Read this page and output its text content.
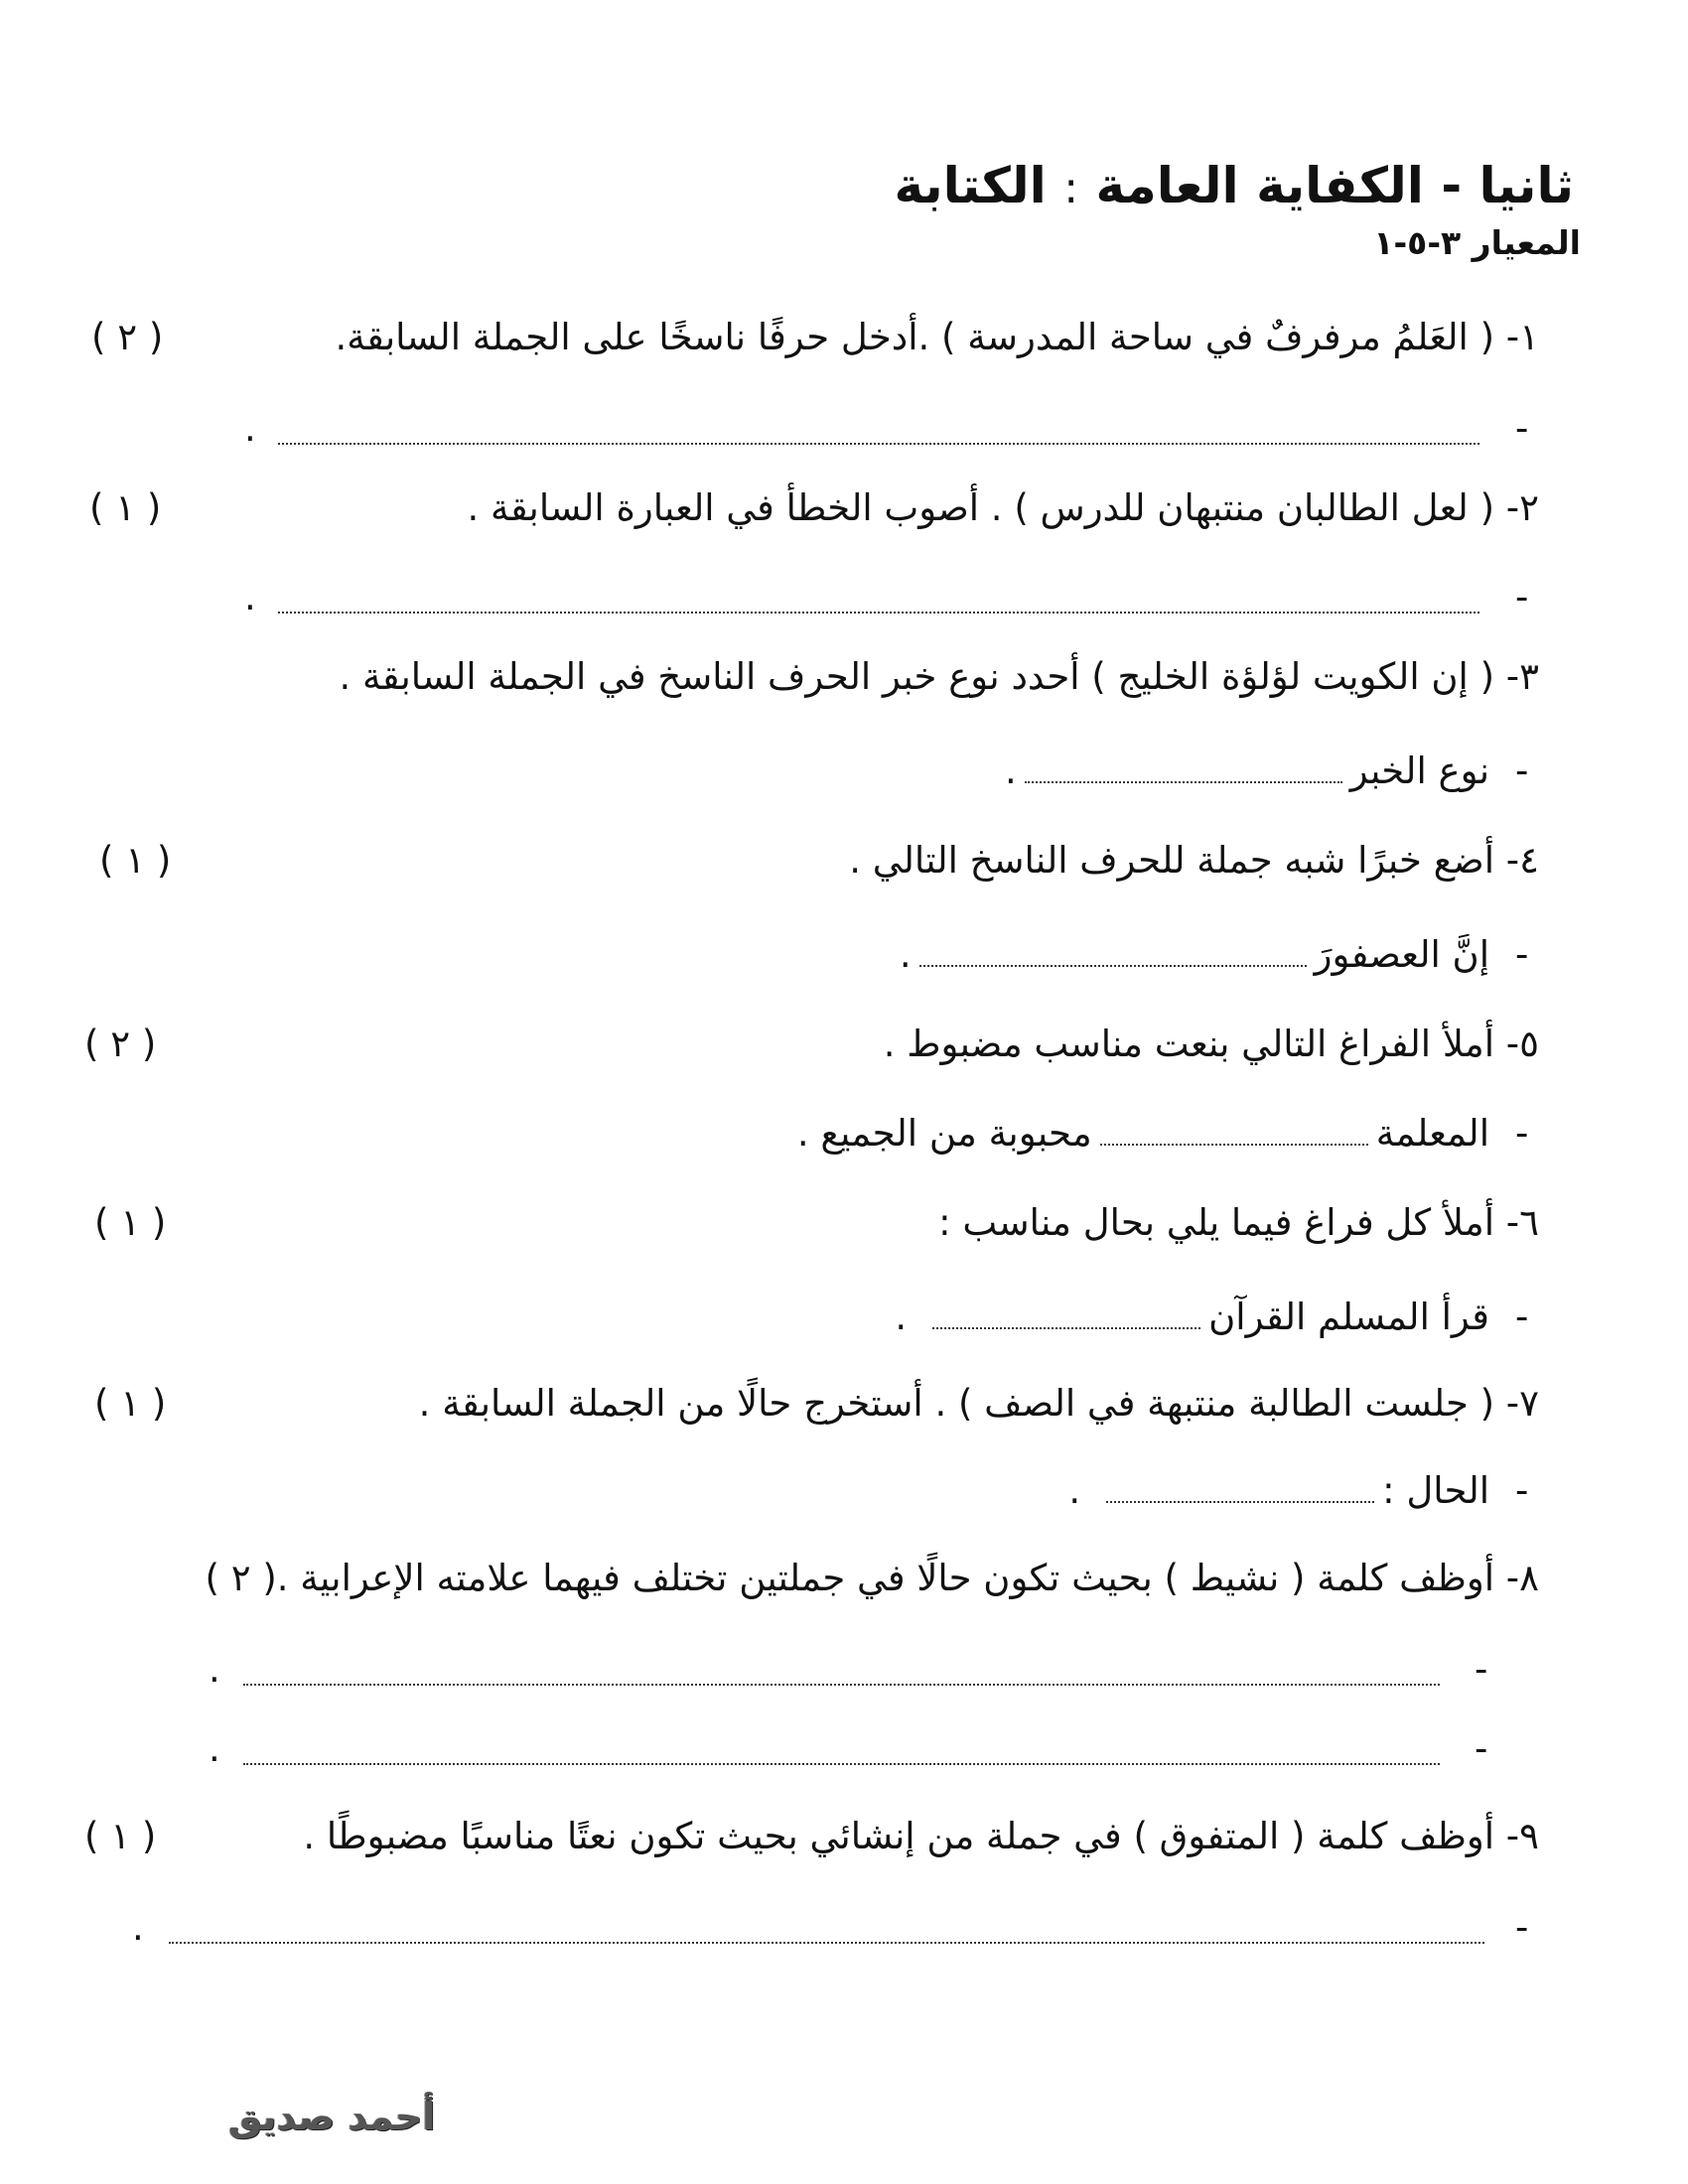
ثانيا - الكفاية العامة : الكتابة
المعيار ٣-٥-١
١- ( العَلمُ مرفرفٌ في ساحة المدرسة ) .أدخل حرفًا ناسخًا على الجملة السابقة.
( ٢ )
-
.
٢- ( لعل الطالبان منتبهان للدرس ) . أصوب الخطأ في العبارة السابقة .
( ١ )
-
.
٣- ( إن الكويت لؤلؤة الخليج ) أحدد نوع خبر الحرف الناسخ في الجملة السابقة .
-
نوع الخبر.
٤- أضع خبرًا شبه جملة للحرف الناسخ التالي .
( ١ )
-
إنَّ العصفورَ.
٥- أملأ الفراغ التالي بنعت مناسب مضبوط .
( ٢ )
-
المعلمةمحبوبة من الجميع .
٦- أملأ كل فراغ فيما يلي بحال مناسب :
( ١ )
-
قرأ المسلم القرآن.
٧- ( جلست الطالبة منتبهة في الصف ) . أستخرج حالًا من الجملة السابقة .
( ١ )
-
الحال :.
٨- أوظف كلمة ( نشيط ) بحيث تكون حالًا في جملتين تختلف فيهما علامته الإعرابية .( ٢ )
-
.
-
.
٩- أوظف كلمة ( المتفوق ) في جملة من إنشائي بحيث تكون نعتًا مناسبًا مضبوطًا .
( ١ )
-
.
أحمد صديق
